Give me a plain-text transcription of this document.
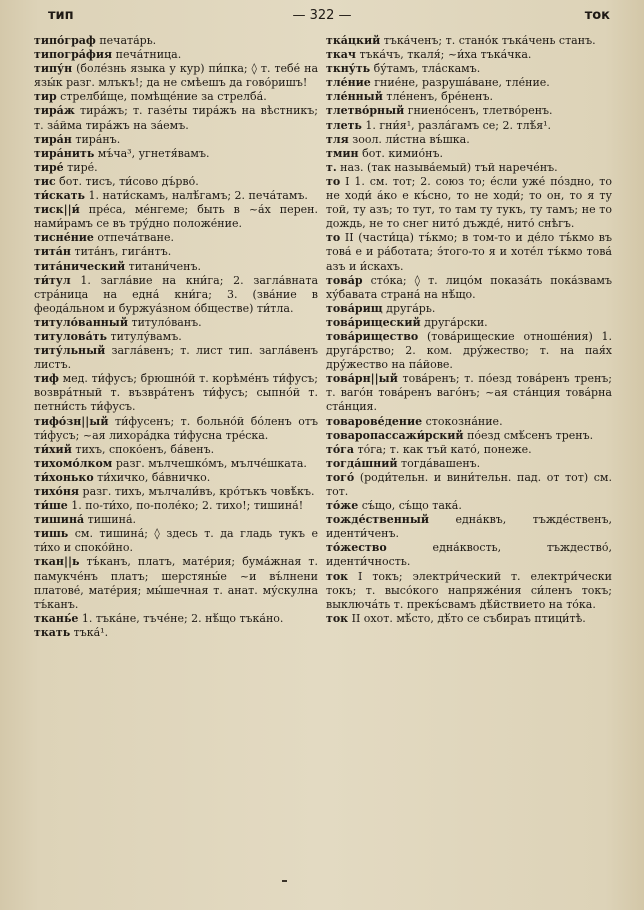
тип	— 322 —	ток

типо́граф печата́рь.

типогра́фия печа́тница.

типу́н (боле́знь языка у кур) пи́пка; ◊ т. тебе́ на язы́к разг. млъкъ!; да не смѣешъ да гово́ришъ!

тир стрелби́ще, помѣще́ние за стрелба́.

тира́ж тира́жъ; т. газе́ты тира́жъ на вѣстникъ; т. за́йма тира́жъ на за́емъ.

тира́н тира́нъ.

тира́нить мъ́ча³, угнетя́вамъ.

тире́ тире́.

тис бот. тисъ, ти́сово дъ́рво́.

ти́скать 1. нати́скамъ, налѣ́гамъ; 2. печа́тамъ.

тиск||и́ пре́са, ме́нгеме; быть в ~а́х перен. нами́рамъ се въ тру́дно положе́ние.

тисне́ние отпеча́тване.

тита́н тита́нъ, гига́нтъ.

тита́нический титани́ченъ.

ти́тул 1. загла́вие на кни́га; 2. загла́вната стра́ница на една́ кни́га; 3. (зва́ние в феода́льном и буржуа́зном о́бществе) ти́тла.

титуло́ванный титуло́ванъ.

титулова́ть титулу́вамъ.

титу́льный загла́венъ; т. лист тип. загла́венъ листъ.

тиф мед. ти́фусъ; брюшно́й т. корѣме́нъ ти́фусъ; возвра́тный т. възвра́тенъ ти́фусъ; сыпно́й т. петни́сть ти́фусъ.

тифо́зн||ый ти́фусенъ; т. больно́й бо́ленъ отъ ти́фусъ; ~ая лихора́дка ти́фусна тре́ска.

ти́хий тихъ, споко́енъ, ба́венъ.

тихомо́лком разг. мълчешко́мъ, мълче́шката.

ти́хонько ти́хичко, ба́вничко.

тихо́ня разг. тихъ, мълчали́въ, кро́тъкъ човѣ́къ.

ти́ше 1. по-ти́хо, по-поле́ко; 2. тихо!; тишина́!

тишина́ тишина́.

тишь см. тишина́; ◊ здесь т. да гладь тукъ е ти́хо и споко́йно.

ткан||ь тъ́канъ, платъ, мате́рия; бума́жная т. памукче́нъ платъ; шерстяны́е ~и въ́лнени платове́, мате́рия; мы́шечная т. анат. му́скулна тъ́канъ.

ткань́е 1. тъка́не, тъче́не; 2. нѣ́що тъка́но.

ткать тъка́¹.

тка́цкий тъка́ченъ; т. стано́к тъка́чень станъ.

ткач тъка́чъ, ткаля́; ~и́ха тъка́чка.

ткну́ть бу́тамъ, тла́скамъ.

тле́ние гние́не, разруша́ване, тле́ние.

тле́нный тле́ненъ, бре́ненъ.

тлетво́рный гниено́сенъ, тлетво́ренъ.

тлеть 1. гни́я¹, разла́гамъ се; 2. тлѣ́я¹.

тля зоол. ли́стна въ́шка.

тмин бот. кимио́нъ.

т. наз. (так называ́емый) тъй нарече́нъ.

то I 1. см. тот; 2. союз то; е́сли уже́ по́здно, то не ходи́ а́ко е къ́сно, то не ходи́; то он, то я ту той, ту азъ; то тут, то там ту тукъ, ту тамъ; не то дождь, не то снег нито́ дъжде́, нито́ снѣгъ.

то II (части́ца) тъ́кмо; в том-то и де́ло тъ́кмо въ това́ е и ра́ботата; э́того-то я и хоте́л тъ́кмо това́ азъ и и́скахъ.

това́р сто́ка; ◊ т. лицо́м показа́ть пока́звамъ ху́бавата страна́ на нѣ́що.

това́рищ друга́рь.

това́рищеский друга́рски.

това́рищество (това́рищеские отноше́ния) 1. друга́рство; 2. ком. дру́жество; т. на пая́х дру́жество на па́йове.

това́рн||ый това́ренъ; т. по́езд това́ренъ тренъ; т. ваго́н това́ренъ ваго́нъ; ~ая ста́нция това́рна ста́нция.

товарове́дение стокозна́ние.

товаропассажи́рский по́езд смѣ́сенъ тренъ.

то́га то́га; т. как тъй като́, понеже.

тогда́шний тогда́вашенъ.

того́ (роди́тельн. и вини́тельн. пад. от тот) см. тот.

то́же съ́що, съ́що така́.

тожде́ственный една́квъ, тъжде́ственъ, иденти́ченъ.

то́жество една́квость, тъждество́, иденти́чность.

ток I токъ; электри́ческий т. електри́чески токъ; т. высо́кого напряже́ния си́ленъ токъ; выключа́ть т. прекъ́свамъ дѣ́йствието на то́ка.

ток II охот. мѣ́сто, дѣ́то се събираъ птици́тѣ.
